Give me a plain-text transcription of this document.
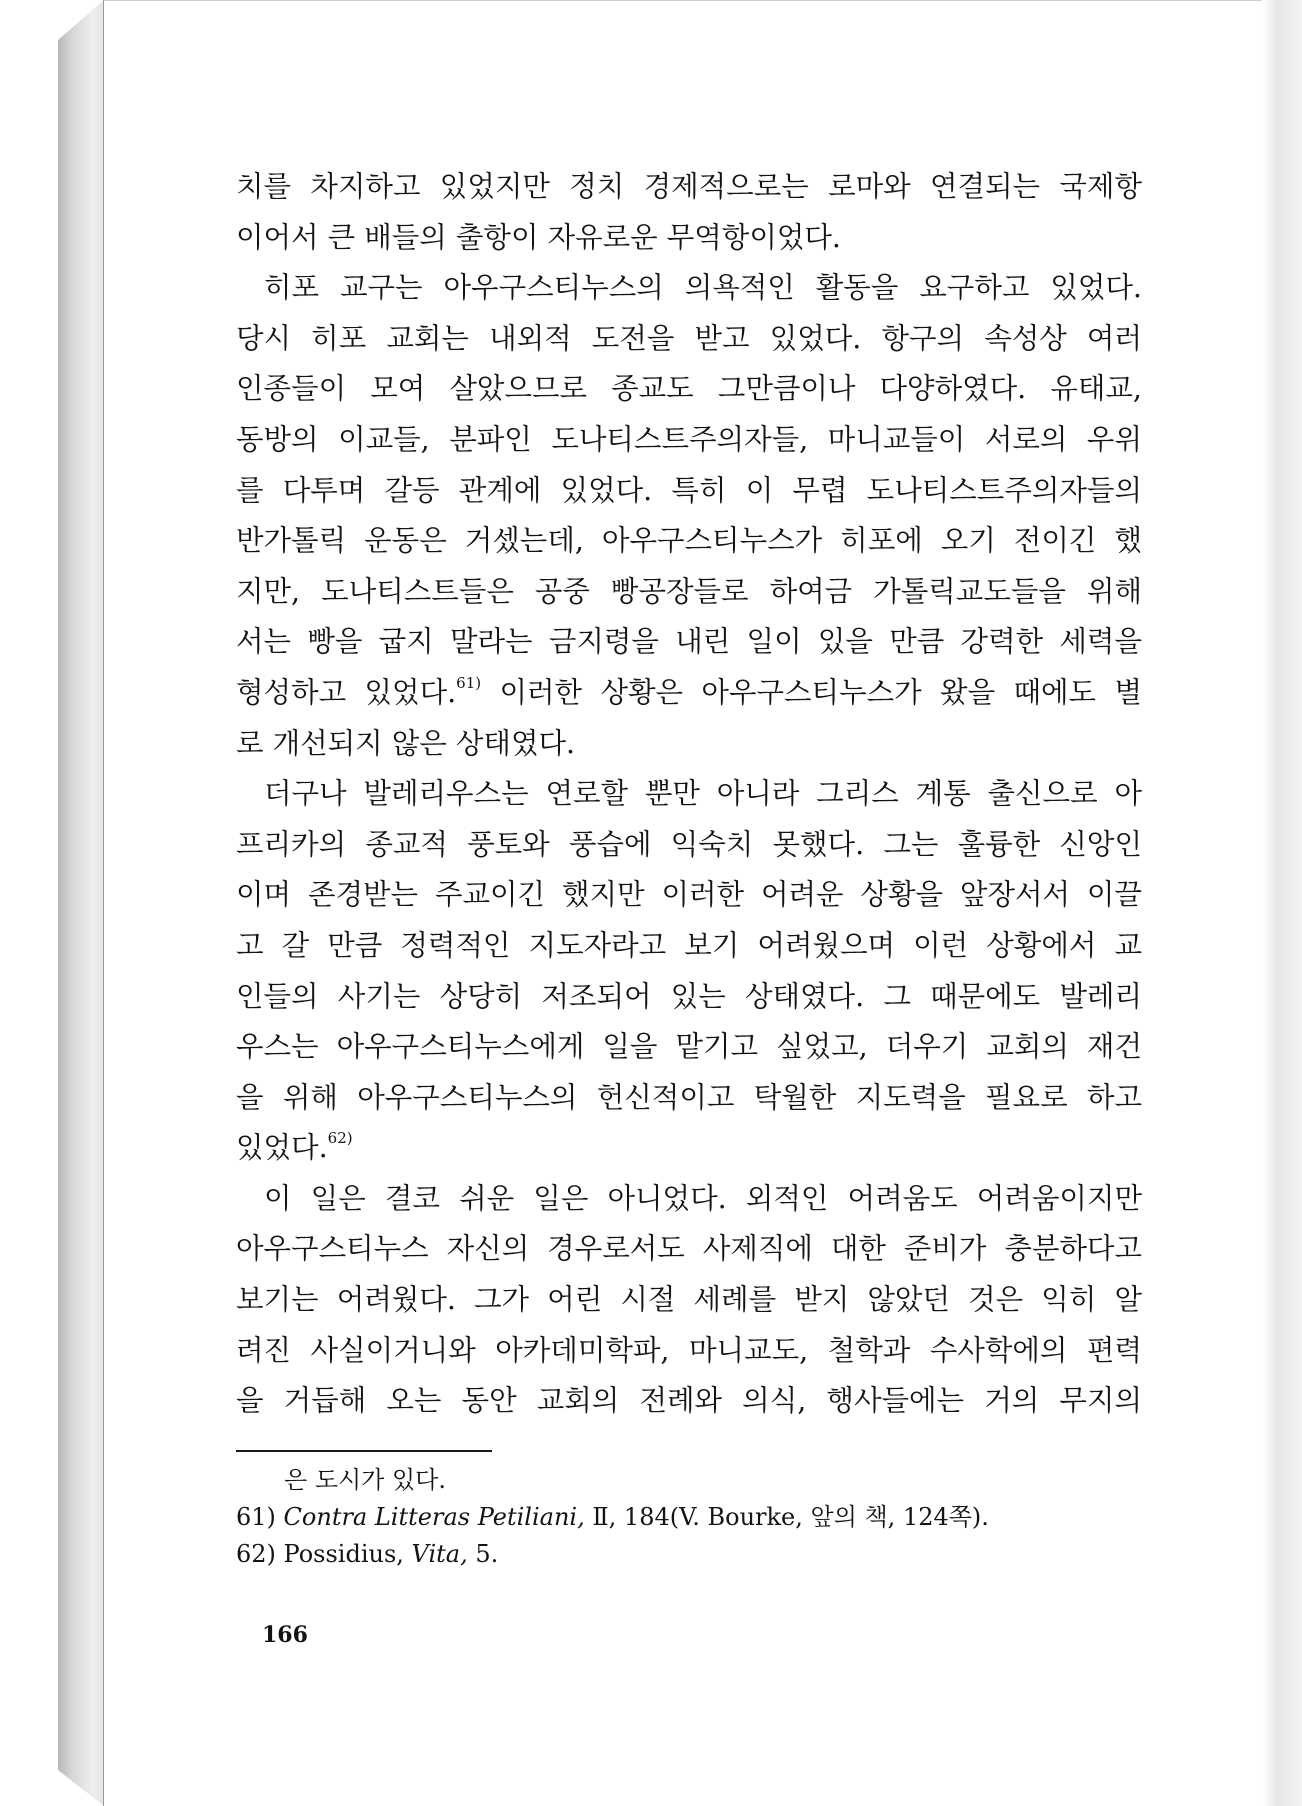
치를 차지하고 있었지만 정치 경제적으로는 로마와 연결되는 국제항
이어서 큰 배들의 출항이 자유로운 무역항이었다.
히포 교구는 아우구스티누스의 의욕적인 활동을 요구하고 있었다.
당시 히포 교회는 내외적 도전을 받고 있었다. 항구의 속성상 여러
인종들이 모여 살았으므로 종교도 그만큼이나 다양하였다. 유태교,
동방의 이교들, 분파인 도나티스트주의자들, 마니교들이 서로의 우위
를 다투며 갈등 관계에 있었다. 특히 이 무렵 도나티스트주의자들의
반가톨릭 운동은 거셌는데, 아우구스티누스가 히포에 오기 전이긴 했
지만, 도나티스트들은 공중 빵공장들로 하여금 가톨릭교도들을 위해
서는 빵을 굽지 말라는 금지령을 내린 일이 있을 만큼 강력한 세력을
형성하고 있었다.$^{61)}$ 이러한 상황은 아우구스티누스가 왔을 때에도 별
로 개선되지 않은 상태였다.
더구나 발레리우스는 연로할 뿐만 아니라 그리스 계통 출신으로 아
프리카의 종교적 풍토와 풍습에 익숙치 못했다. 그는 훌륭한 신앙인
이며 존경받는 주교이긴 했지만 이러한 어려운 상황을 앞장서서 이끌
고 갈 만큼 정력적인 지도자라고 보기 어려웠으며 이런 상황에서 교
인들의 사기는 상당히 저조되어 있는 상태였다. 그 때문에도 발레리
우스는 아우구스티누스에게 일을 맡기고 싶었고, 더우기 교회의 재건
을 위해 아우구스티누스의 헌신적이고 탁월한 지도력을 필요로 하고
있었다.$^{62)}$
이 일은 결코 쉬운 일은 아니었다. 외적인 어려움도 어려움이지만
아우구스티누스 자신의 경우로서도 사제직에 대한 준비가 충분하다고
보기는 어려웠다. 그가 어린 시절 세례를 받지 않았던 것은 익히 알
려진 사실이거니와 아카데미학파, 마니교도, 철학과 수사학에의 편력
을 거듭해 오는 동안 교회의 전례와 의식, 행사들에는 거의 무지의
은 도시가 있다.
61) Contra Litteras Petiliani, Ⅱ, 184(V. Bourke, 앞의 책, 124쪽).
62) Possidius, Vita, 5.
166
